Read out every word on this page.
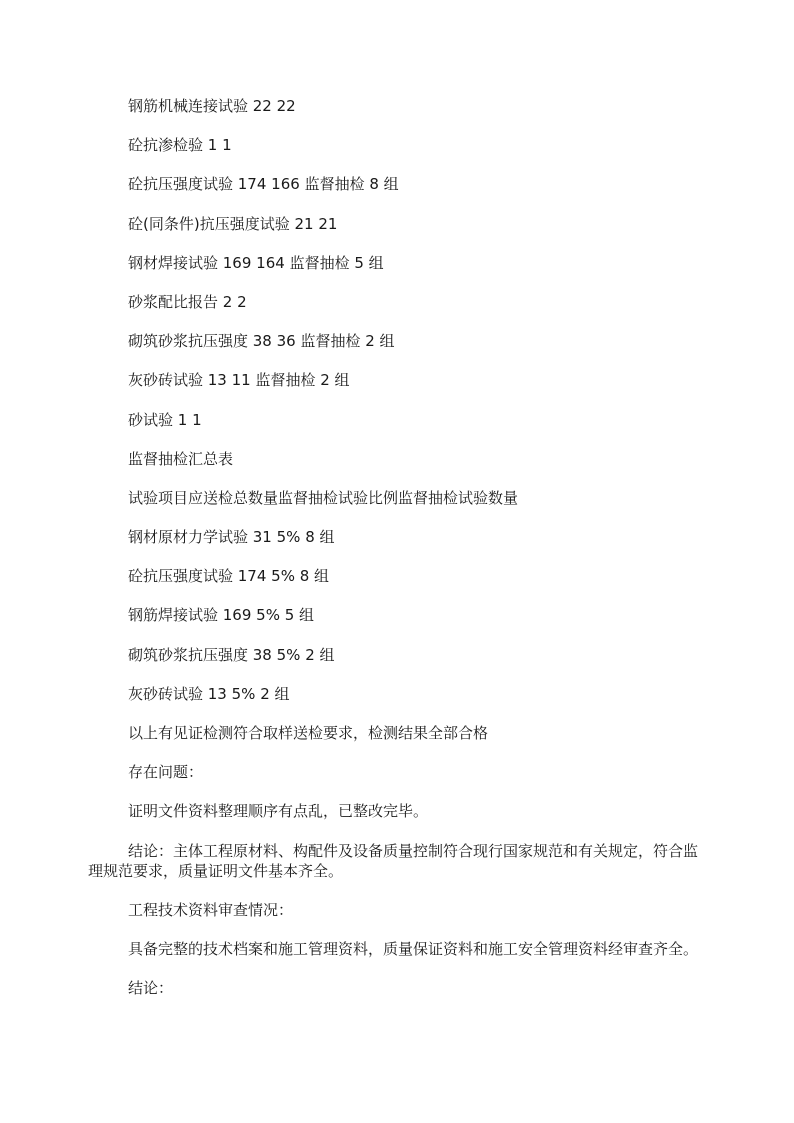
钢筋机械连接试验 22 22

砼抗渗检验 1 1

砼抗压强度试验 174 166 监督抽检 8 组

砼(同条件)抗压强度试验 21 21

钢材焊接试验 169 164 监督抽检 5 组

砂浆配比报告 2 2

砌筑砂浆抗压强度 38 36 监督抽检 2 组

灰砂砖试验 13 11 监督抽检 2 组

砂试验 1 1

监督抽检汇总表

试验项目应送检总数量监督抽检试验比例监督抽检试验数量

钢材原材力学试验 31 5% 8 组

砼抗压强度试验 174 5% 8 组

钢筋焊接试验 169 5% 5 组

砌筑砂浆抗压强度 38 5% 2 组

灰砂砖试验 13 5% 2 组

以上有见证检测符合取样送检要求，检测结果全部合格

存在问题：

证明文件资料整理顺序有点乱，已整改完毕。

结论：主体工程原材料、构配件及设备质量控制符合现行国家规范和有关规定，符合监理规范要求，质量证明文件基本齐全。

工程技术资料审查情况：

具备完整的技术档案和施工管理资料，质量保证资料和施工安全管理资料经审查齐全。

结论：
